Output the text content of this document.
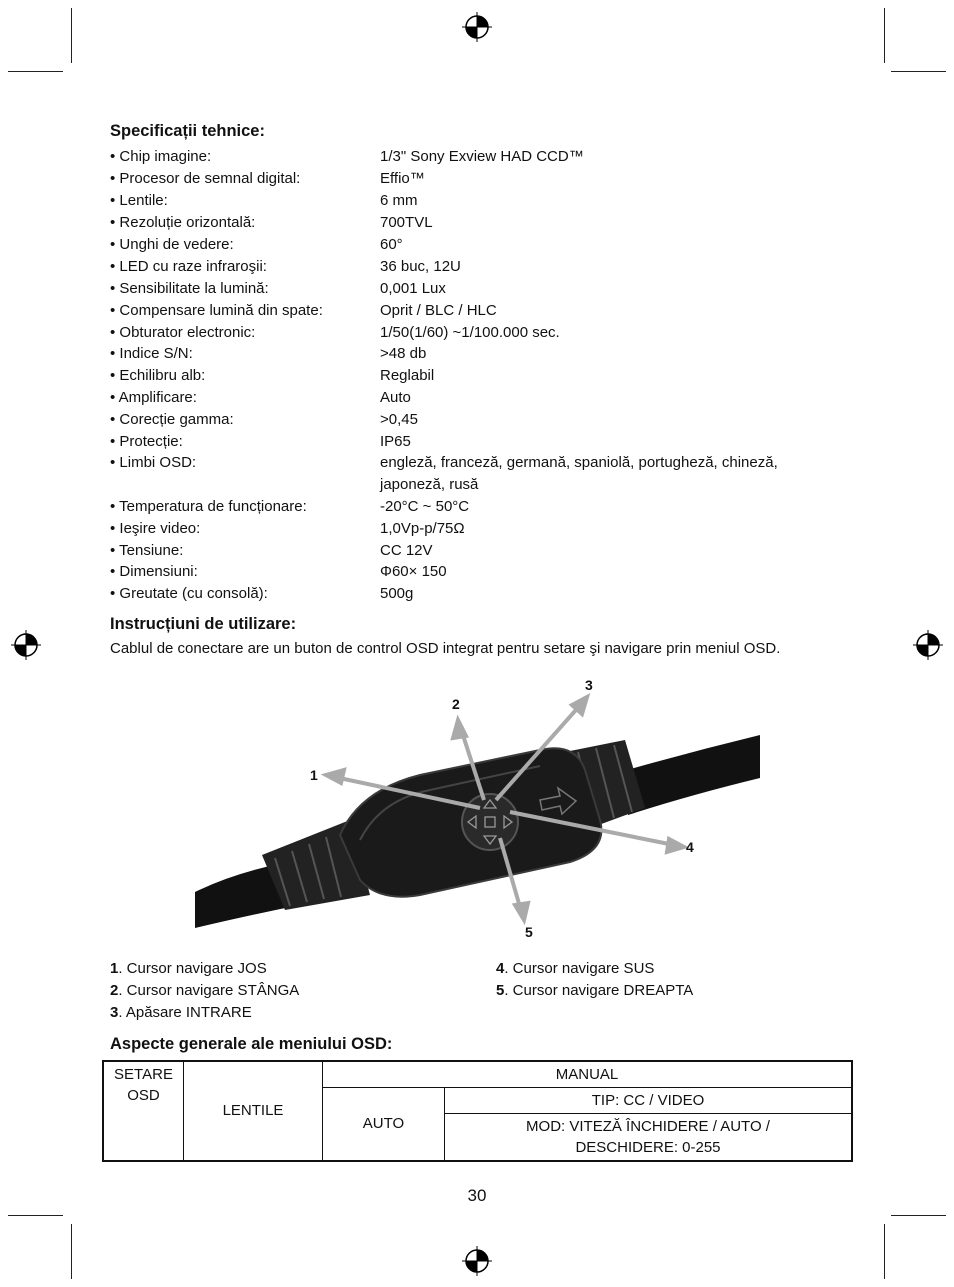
Specificații tehnice:
• Chip imagine:	1/3" Sony Exview HAD CCD™
• Procesor de semnal digital:	Effio™
• Lentile:	6 mm
• Rezoluție orizontală:	700TVL
• Unghi de vedere:	60°
• LED cu raze infraroşii:	36 buc, 12U
• Sensibilitate la lumină:	0,001 Lux
• Compensare lumină din spate:	Oprit / BLC / HLC
• Obturator electronic:	1/50(1/60) ~1/100.000 sec.
• Indice S/N:	>48 db
• Echilibru alb:	Reglabil
• Amplificare:	Auto
• Corecție gamma:	>0,45
• Protecție:	IP65
• Limbi OSD:	engleză, franceză, germană, spaniolă, portugheză, chineză, japoneză, rusă
• Temperatura de funcționare:	-20°C ~ 50°C
• Ieşire video:	1,0Vp-p/75Ω
• Tensiune:	CC 12V
• Dimensiuni:	Φ60× 150
• Greutate (cu consolă):	500g
Instrucțiuni de utilizare:
Cablul de conectare are un buton de control OSD integrat pentru setare şi navigare prin meniul OSD.
1
2
3
4
5
1. Cursor navigare JOS
2. Cursor navigare STÂNGA
3. Apăsare INTRARE
4. Cursor navigare SUS
5. Cursor navigare DREAPTA
Aspecte generale ale meniului OSD:
SETARE OSD	LENTILE	MANUAL	
		AUTO	TIP: CC / VIDEO
			MOD: VITEZĂ ÎNCHIDERE / AUTO / DESCHIDERE: 0-255
30
